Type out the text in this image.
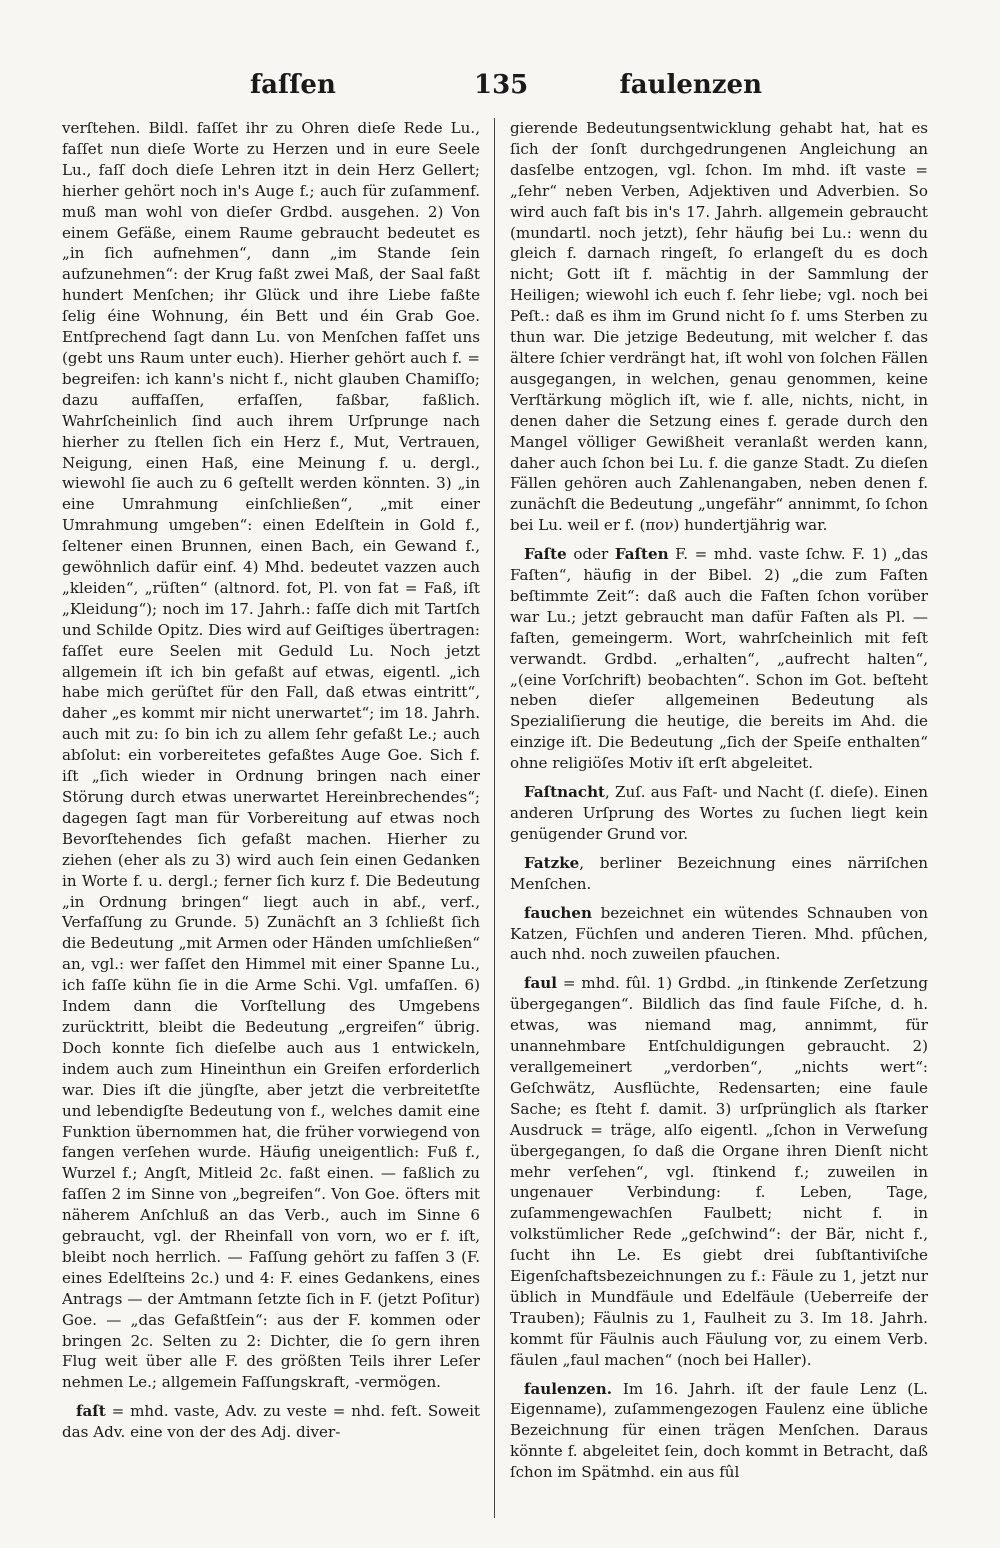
faſſen	135	faulenzen

verſtehen. Bildl. faſſet ihr zu Ohren dieſe Rede Lu., faſſet nun dieſe Worte zu Herzen und in eure Seele Lu., faſſ doch dieſe Lehren itzt in dein Herz Gellert; hierher gehört noch in's Auge f.; auch für zuſammenf. muß man wohl von dieſer Grdbd. ausgehen. 2) Von einem Gefäße, einem Raume gebraucht bedeutet es „in ſich aufnehmen“, dann „im Stande ſein aufzunehmen“: der Krug faßt zwei Maß, der Saal faßt hundert Menſchen; ihr Glück und ihre Liebe faßte ſelig éine Wohnung, éin Bett und éin Grab Goe. Entſprechend ſagt dann Lu. von Menſchen faſſet uns (gebt uns Raum unter euch). Hierher gehört auch f. = begreifen: ich kann's nicht f., nicht glauben Chamiſſo; dazu auffaſſen, erfaſſen, faßbar, faßlich. Wahrſcheinlich ſind auch ihrem Urſprunge nach hierher zu ſtellen ſich ein Herz f., Mut, Vertrauen, Neigung, einen Haß, eine Meinung f. u. dergl., wiewohl ſie auch zu 6 geſtellt werden könnten. 3) „in eine Umrahmung einſchließen“, „mit einer Umrahmung umgeben“: einen Edelſtein in Gold f., ſeltener einen Brunnen, einen Bach, ein Gewand f., gewöhnlich dafür einf. 4) Mhd. bedeutet vazzen auch „kleiden“, „rüſten“ (altnord. fot, Pl. von fat = Faß, iſt „Kleidung“); noch im 17. Jahrh.: faſſe dich mit Tartſch und Schilde Opitz. Dies wird auf Geiſtiges übertragen: faſſet eure Seelen mit Geduld Lu. Noch jetzt allgemein iſt ich bin gefaßt auf etwas, eigentl. „ich habe mich gerüſtet für den Fall, daß etwas eintritt“, daher „es kommt mir nicht unerwartet“; im 18. Jahrh. auch mit zu: ſo bin ich zu allem ſehr gefaßt Le.; auch abſolut: ein vorbereitetes gefaßtes Auge Goe. Sich f. iſt „ſich wieder in Ordnung bringen nach einer Störung durch etwas unerwartet Hereinbrechendes“; dagegen ſagt man für Vorbereitung auf etwas noch Bevorſtehendes ſich gefaßt machen. Hierher zu ziehen (eher als zu 3) wird auch ſein einen Gedanken in Worte f. u. dergl.; ferner ſich kurz f. Die Bedeutung „in Ordnung bringen“ liegt auch in abf., verf., Verfaſſung zu Grunde. 5) Zunächſt an 3 ſchließt ſich die Bedeutung „mit Armen oder Händen umſchließen“ an, vgl.: wer faſſet den Himmel mit einer Spanne Lu., ich faſſe kühn ſie in die Arme Schi. Vgl. umfaſſen. 6) Indem dann die Vorſtellung des Umgebens zurücktritt, bleibt die Bedeutung „ergreifen“ übrig. Doch konnte ſich dieſelbe auch aus 1 entwickeln, indem auch zum Hineinthun ein Greifen erforderlich war. Dies iſt die jüngſte, aber jetzt die verbreitetſte und lebendigſte Bedeutung von f., welches damit eine Funktion übernommen hat, die früher vorwiegend von fangen verſehen wurde. Häufig uneigentlich: Fuß f., Wurzel f.; Angſt, Mitleid 2c. faßt einen. — faßlich zu faſſen 2 im Sinne von „begreifen“. Von Goe. öfters mit näherem Anſchluß an das Verb., auch im Sinne 6 gebraucht, vgl. der Rheinfall von vorn, wo er f. iſt, bleibt noch herrlich. — Faſſung gehört zu faſſen 3 (F. eines Edelſteins 2c.) und 4: F. eines Gedankens, eines Antrags — der Amtmann ſetzte ſich in F. (jetzt Poſitur) Goe. — „das Gefaßtſein“: aus der F. kommen oder bringen 2c. Selten zu 2: Dichter, die ſo gern ihren Flug weit über alle F. des größten Teils ihrer Leſer nehmen Le.; allgemein Faſſungskraft, -vermögen.

faſt = mhd. vaste, Adv. zu veste = nhd. feſt. Soweit das Adv. eine von der des Adj. diver-

gierende Bedeutungsentwicklung gehabt hat, hat es ſich der ſonſt durchgedrungenen Angleichung an dasſelbe entzogen, vgl. ſchon. Im mhd. iſt vaste = „ſehr“ neben Verben, Adjektiven und Adverbien. So wird auch faſt bis in's 17. Jahrh. allgemein gebraucht (mundartl. noch jetzt), ſehr häufig bei Lu.: wenn du gleich f. darnach ringeſt, ſo erlangeſt du es doch nicht; Gott iſt f. mächtig in der Sammlung der Heiligen; wiewohl ich euch f. ſehr liebe; vgl. noch bei Peſt.: daß es ihm im Grund nicht ſo f. ums Sterben zu thun war. Die jetzige Bedeutung, mit welcher f. das ältere ſchier verdrängt hat, iſt wohl von ſolchen Fällen ausgegangen, in welchen, genau genommen, keine Verſtärkung möglich iſt, wie f. alle, nichts, nicht, in denen daher die Setzung eines f. gerade durch den Mangel völliger Gewißheit veranlaßt werden kann, daher auch ſchon bei Lu. f. die ganze Stadt. Zu dieſen Fällen gehören auch Zahlenangaben, neben denen f. zunächſt die Bedeutung „ungefähr“ annimmt, ſo ſchon bei Lu. weil er f. (πον) hundertjährig war.

Faſte oder Faſten F. = mhd. vaste ſchw. F. 1) „das Faſten“, häufig in der Bibel. 2) „die zum Faſten beſtimmte Zeit“: daß auch die Faſten ſchon vorüber war Lu.; jetzt gebraucht man dafür Faſten als Pl. — faſten, gemeingerm. Wort, wahrſcheinlich mit feſt verwandt. Grdbd. „erhalten“, „aufrecht halten“, „(eine Vorſchrift) beobachten“. Schon im Got. beſteht neben dieſer allgemeinen Bedeutung als Spezialiſierung die heutige, die bereits im Ahd. die einzige iſt. Die Bedeutung „ſich der Speiſe enthalten“ ohne religiöſes Motiv iſt erſt abgeleitet.

Faſtnacht, Zuſ. aus Faſt- und Nacht (ſ. dieſe). Einen anderen Urſprung des Wortes zu ſuchen liegt kein genügender Grund vor.

Fatzke, berliner Bezeichnung eines närriſchen Menſchen.

fauchen bezeichnet ein wütendes Schnauben von Katzen, Füchſen und anderen Tieren. Mhd. pfûchen, auch nhd. noch zuweilen pfauchen.

faul = mhd. fûl. 1) Grdbd. „in ſtinkende Zerſetzung übergegangen“. Bildlich das ſind faule Fiſche, d. h. etwas, was niemand mag, annimmt, für unannehmbare Entſchuldigungen gebraucht. 2) verallgemeinert „verdorben“, „nichts wert“: Geſchwätz, Ausflüchte, Redensarten; eine faule Sache; es ſteht f. damit. 3) urſprünglich als ſtarker Ausdruck = träge, alſo eigentl. „ſchon in Verweſung übergegangen, ſo daß die Organe ihren Dienſt nicht mehr verſehen“, vgl. ſtinkend f.; zuweilen in ungenauer Verbindung: f. Leben, Tage, zuſammengewachſen Faulbett; nicht f. in volkstümlicher Rede „geſchwind“: der Bär, nicht f., ſucht ihn Le. Es giebt drei ſubſtantiviſche Eigenſchaftsbezeichnungen zu f.: Fäule zu 1, jetzt nur üblich in Mundfäule und Edelfäule (Ueberreife der Trauben); Fäulnis zu 1, Faulheit zu 3. Im 18. Jahrh. kommt für Fäulnis auch Fäulung vor, zu einem Verb. fäulen „faul machen“ (noch bei Haller).

faulenzen. Im 16. Jahrh. iſt der faule Lenz (L. Eigenname), zuſammengezogen Faulenz eine übliche Bezeichnung für einen trägen Menſchen. Daraus könnte f. abgeleitet ſein, doch kommt in Betracht, daß ſchon im Spätmhd. ein aus fûl
